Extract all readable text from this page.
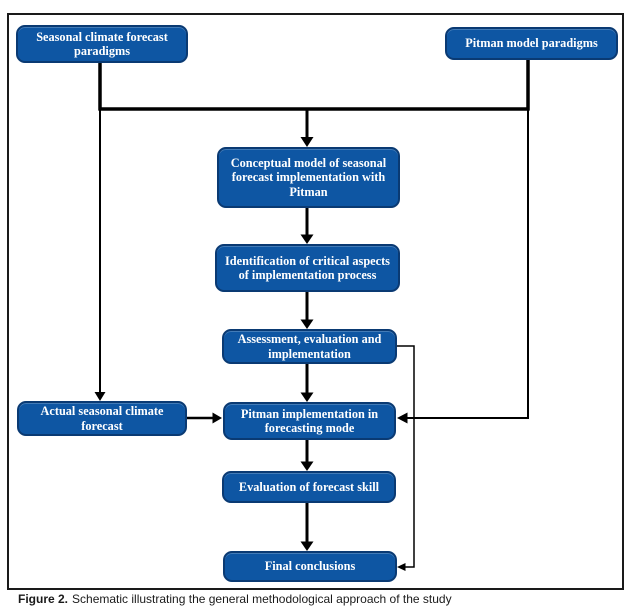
Seasonal climate forecast paradigms
Pitman model paradigms
Conceptual model of seasonal forecast implementation with Pitman
Identification of critical aspects of implementation process
Assessment, evaluation and implementation
Actual seasonal climate forecast
Pitman implementation in forecasting mode
Evaluation of forecast skill
Final conclusions
Figure 2. Schematic illustrating the general methodological approach of the study
